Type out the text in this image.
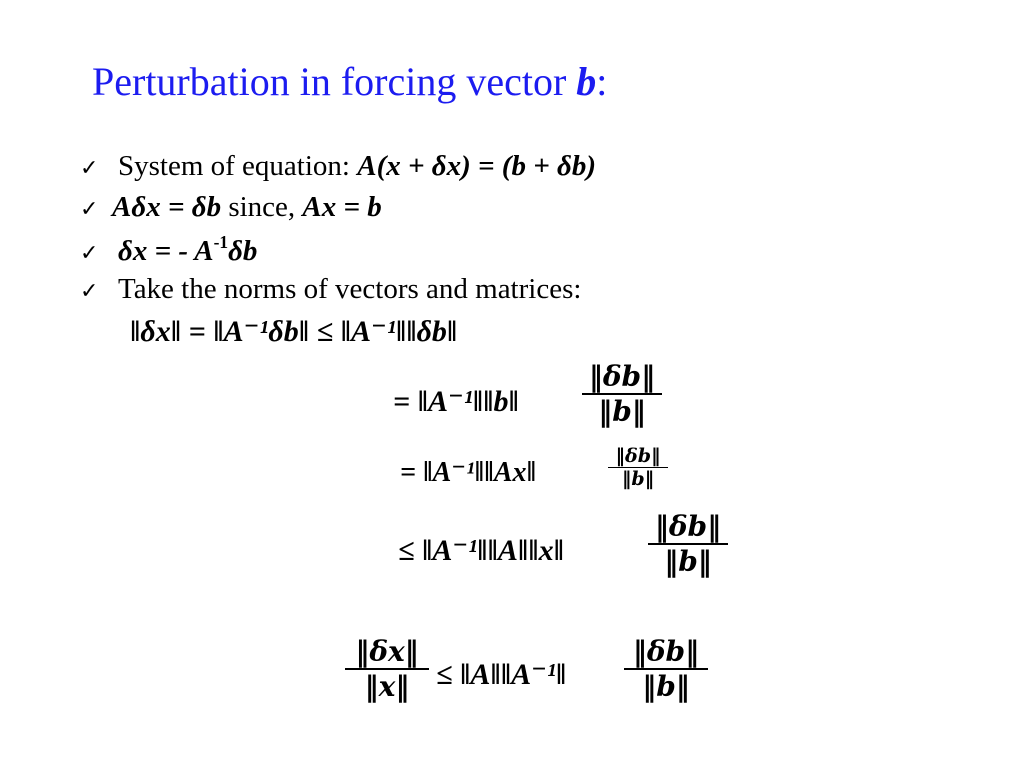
Perturbation in forcing vector b:
✓ System of equation: A(x + δx) = (b + δb)
✓ Aδx = δb since, Ax = b
✓ δx = - $A^{-1}\delta b$
✓ Take the norms of vectors and matrices:
‖δx‖ = ‖A⁻¹δb‖ ≤ ‖A⁻¹‖‖δb‖
= ‖A⁻¹‖‖b‖
‖δb‖
‖b‖
= ‖A⁻¹‖‖Ax‖
‖δb‖
‖b‖
≤ ‖A⁻¹‖‖A‖‖x‖
‖δb‖
‖b‖
‖δx‖
‖x‖ ≤ ‖A‖‖A⁻¹‖
‖δb‖
‖b‖
